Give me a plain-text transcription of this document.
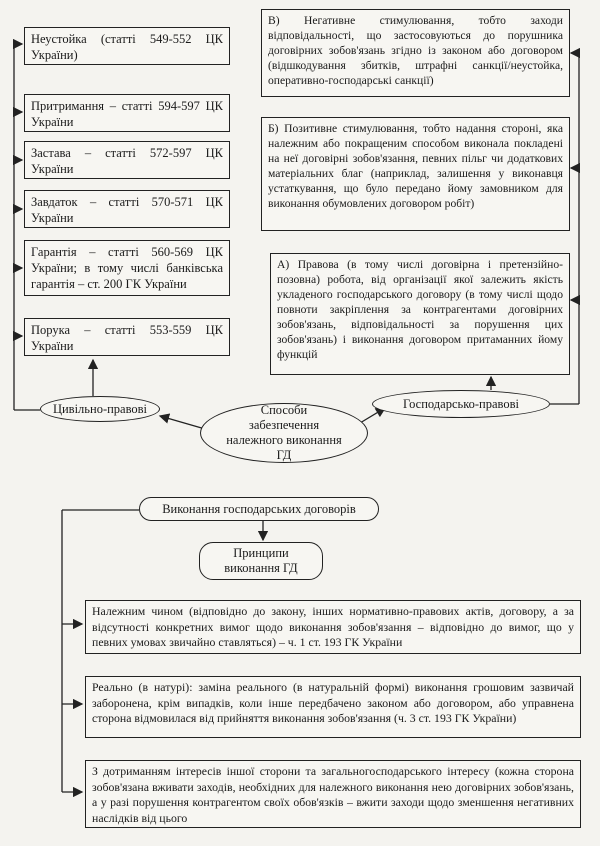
Неустойка (статті 549-552 ЦК України)
Притримання – статті 594-597 ЦК України
Застава – статті 572-597 ЦК України
Завдаток – статті 570-571 ЦК України
Гарантія – статті 560-569 ЦК України; в тому числі банківська гарантія – ст. 200 ГК України
Порука – статті 553-559 ЦК України
В) Негативне стимулювання, тобто заходи відповідальності, що застосовуються до порушника договірних зобов'язань згідно із законом або договором (відшкодування збитків, штрафні санкції/неустойка, оперативно-господарські санкції)
Б) Позитивне стимулювання, тобто надання стороні, яка належним або покращеним способом виконала покладені на неї договірні зобов'язання, певних пільг чи додаткових матеріальних благ (наприклад, залишення у виконавця устаткування, що було передано йому замовником для виконання обумовлених договором робіт)
А) Правова (в тому числі договірна і претензійно-позовна) робота, від організації якої залежить якість укладеного господарського договору (в тому числі щодо повноти закріплення за контрагентами договірних зобов'язань, відповідальності за порушення цих зобов'язань) і виконання договором притаманних йому функцій
Цивільно-правові	Господарсько-правові
Способи забезпечення належного виконання ГД
Виконання господарських договорів
Принципи виконання ГД
Належним чином (відповідно до закону, інших нормативно-правових актів, договору, а за відсутності конкретних вимог щодо виконання зобов'язання – відповідно до вимог, що у певних умовах звичайно ставляться) – ч. 1 ст. 193 ГК України
Реально (в натурі): заміна реального (в натуральній формі) виконання грошовим зазвичай заборонена, крім випадків, коли інше передбачено законом або договором, або управнена сторона відмовилася від прийняття виконання зобов'язання (ч. 3 ст. 193 ГК України)
З дотриманням інтересів іншої сторони та загальногосподарського інтересу (кожна сторона зобов'язана вживати заходів, необхідних для належного виконання нею договірних зобов'язань, а у разі порушення контрагентом своїх обов'язків – вжити заходи щодо зменшення негативних наслідків від цього
